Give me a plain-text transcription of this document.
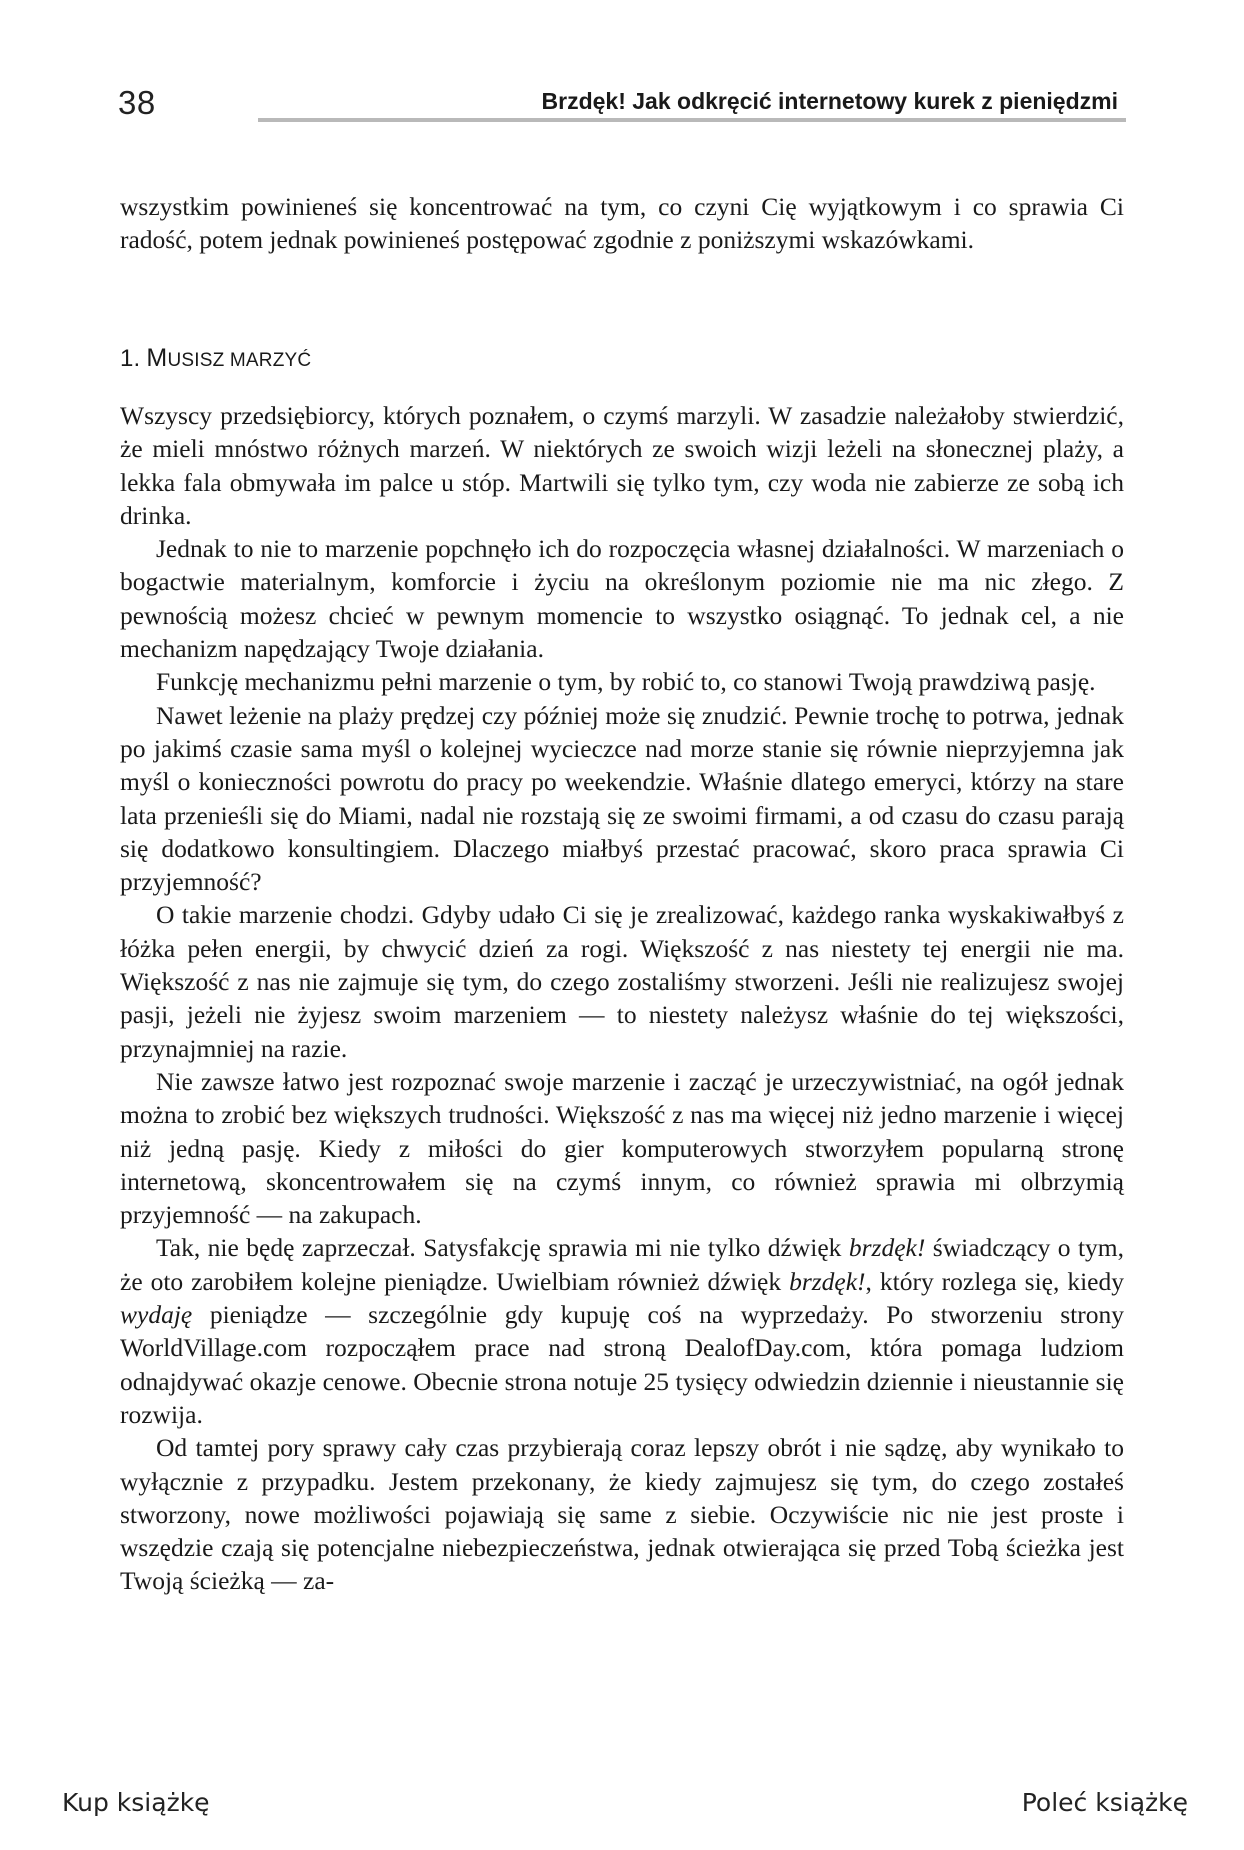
38	Brzdęk! Jak odkręcić internetowy kurek z pieniędzmi

wszystkim powinieneś się koncentrować na tym, co czyni Cię wyjątkowym i co sprawia Ci radość, potem jednak powinieneś postępować zgodnie z poniższymi wskazówkami.

1. MUSISZ MARZYĆ

Wszyscy przedsiębiorcy, których poznałem, o czymś marzyli. W zasadzie należałoby stwierdzić, że mieli mnóstwo różnych marzeń. W niektórych ze swoich wizji leżeli na słonecznej plaży, a lekka fala obmywała im palce u stóp. Martwili się tylko tym, czy woda nie zabierze ze sobą ich drinka.

Jednak to nie to marzenie popchnęło ich do rozpoczęcia własnej działalności. W marzeniach o bogactwie materialnym, komforcie i życiu na określonym poziomie nie ma nic złego. Z pewnością możesz chcieć w pewnym momencie to wszystko osiągnąć. To jednak cel, a nie mechanizm napędzający Twoje działania.

Funkcję mechanizmu pełni marzenie o tym, by robić to, co stanowi Twoją prawdziwą pasję.

Nawet leżenie na plaży prędzej czy później może się znudzić. Pewnie trochę to potrwa, jednak po jakimś czasie sama myśl o kolejnej wycieczce nad morze stanie się równie nieprzyjemna jak myśl o konieczności powrotu do pracy po weekendzie. Właśnie dlatego emeryci, którzy na stare lata przenieśli się do Miami, nadal nie rozstają się ze swoimi firmami, a od czasu do czasu parają się dodatkowo konsultingiem. Dlaczego miałbyś przestać pracować, skoro praca sprawia Ci przyjemność?

O takie marzenie chodzi. Gdyby udało Ci się je zrealizować, każdego ranka wyskakiwałbyś z łóżka pełen energii, by chwycić dzień za rogi. Większość z nas niestety tej energii nie ma. Większość z nas nie zajmuje się tym, do czego zostaliśmy stworzeni. Jeśli nie realizujesz swojej pasji, jeżeli nie żyjesz swoim marzeniem — to niestety należysz właśnie do tej większości, przynajmniej na razie.

Nie zawsze łatwo jest rozpoznać swoje marzenie i zacząć je urzeczywistniać, na ogół jednak można to zrobić bez większych trudności. Większość z nas ma więcej niż jedno marzenie i więcej niż jedną pasję. Kiedy z miłości do gier komputerowych stworzyłem popularną stronę internetową, skoncentrowałem się na czymś innym, co również sprawia mi olbrzymią przyjemność — na zakupach.

Tak, nie będę zaprzeczał. Satysfakcję sprawia mi nie tylko dźwięk brzdęk! świadczący o tym, że oto zarobiłem kolejne pieniądze. Uwielbiam również dźwięk brzdęk!, który rozlega się, kiedy wydaję pieniądze — szczególnie gdy kupuję coś na wyprzedaży. Po stworzeniu strony WorldVillage.com rozpocząłem prace nad stroną DealofDay.com, która pomaga ludziom odnajdywać okazje cenowe. Obecnie strona notuje 25 tysięcy odwiedzin dziennie i nieustannie się rozwija.

Od tamtej pory sprawy cały czas przybierają coraz lepszy obrót i nie sądzę, aby wynikało to wyłącznie z przypadku. Jestem przekonany, że kiedy zajmujesz się tym, do czego zostałeś stworzony, nowe możliwości pojawiają się same z siebie. Oczywiście nic nie jest proste i wszędzie czają się potencjalne niebezpieczeństwa, jednak otwierająca się przed Tobą ścieżka jest Twoją ścieżką — za-

Kup książkę	Poleć książkę
